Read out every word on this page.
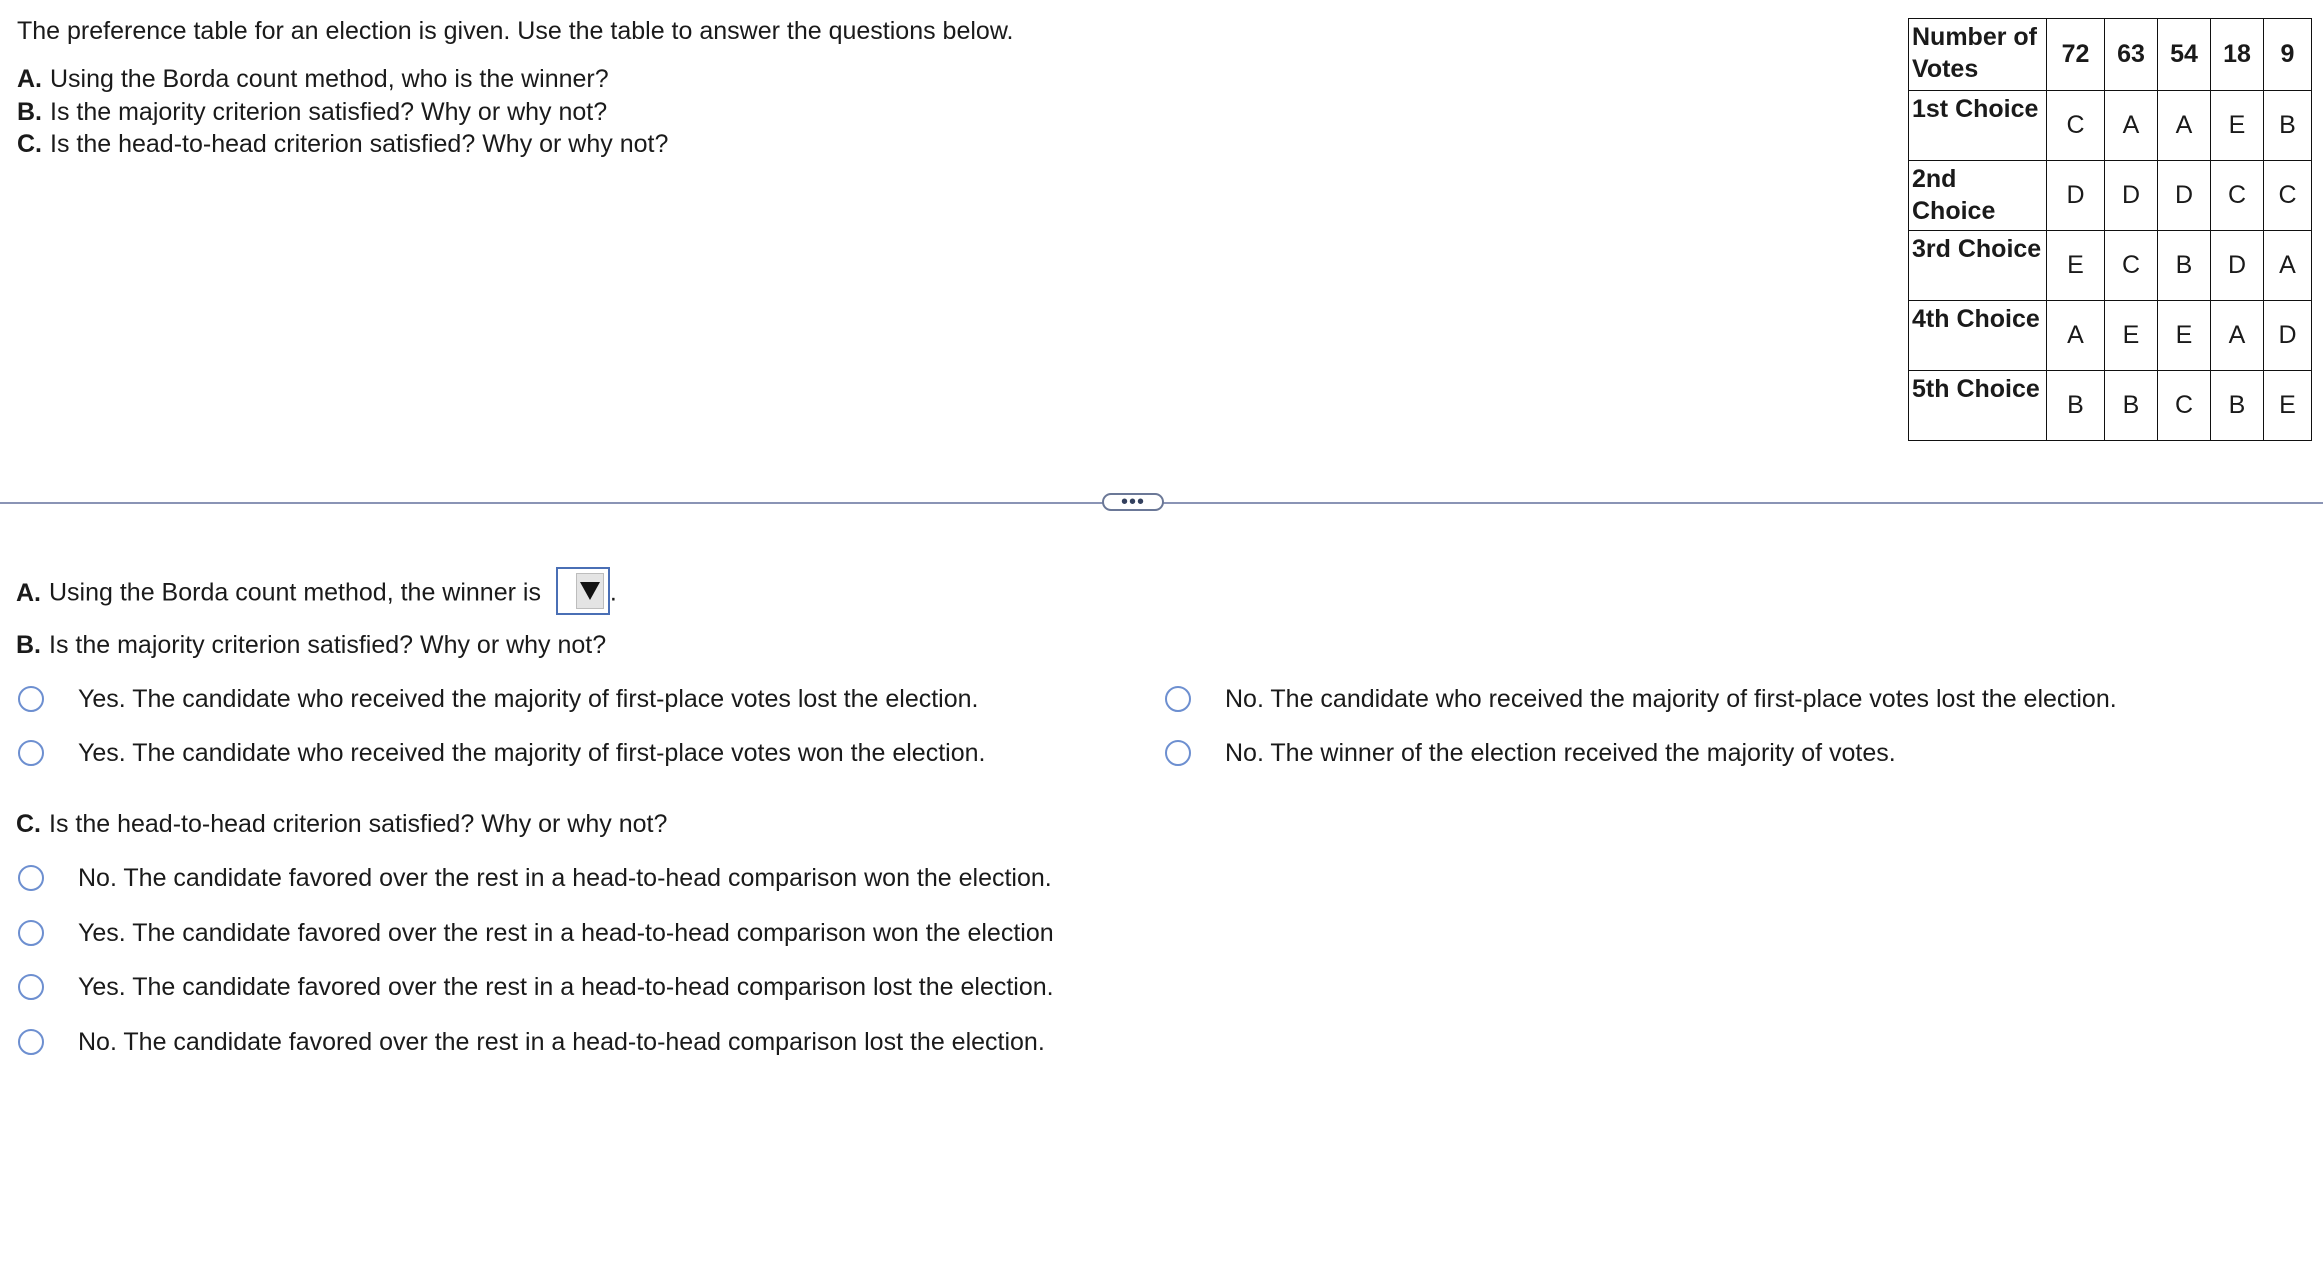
The preference table for an election is given. Use the table to answer the questions below.
A. Using the Borda count method, who is the winner?
B. Is the majority criterion satisfied? Why or why not?
C. Is the head-to-head criterion satisfied? Why or why not?
Number of Votes	72	63	54	18	9
1st Choice	C	A	A	E	B
2nd Choice	D	D	D	C	C
3rd Choice	E	C	B	D	A
4th Choice	A	E	E	A	D
5th Choice	B	B	C	B	E
•••
A. Using the Borda count method, the winner is	.
B. Is the majority criterion satisfied? Why or why not?
Yes. The candidate who received the majority of first-place votes lost the election.
Yes. The candidate who received the majority of first-place votes won the election.
No. The candidate who received the majority of first-place votes lost the election.
No. The winner of the election received the majority of votes.
C. Is the head-to-head criterion satisfied? Why or why not?
No. The candidate favored over the rest in a head-to-head comparison won the election.
Yes. The candidate favored over the rest in a head-to-head comparison won the election
Yes. The candidate favored over the rest in a head-to-head comparison lost the election.
No. The candidate favored over the rest in a head-to-head comparison lost the election.
